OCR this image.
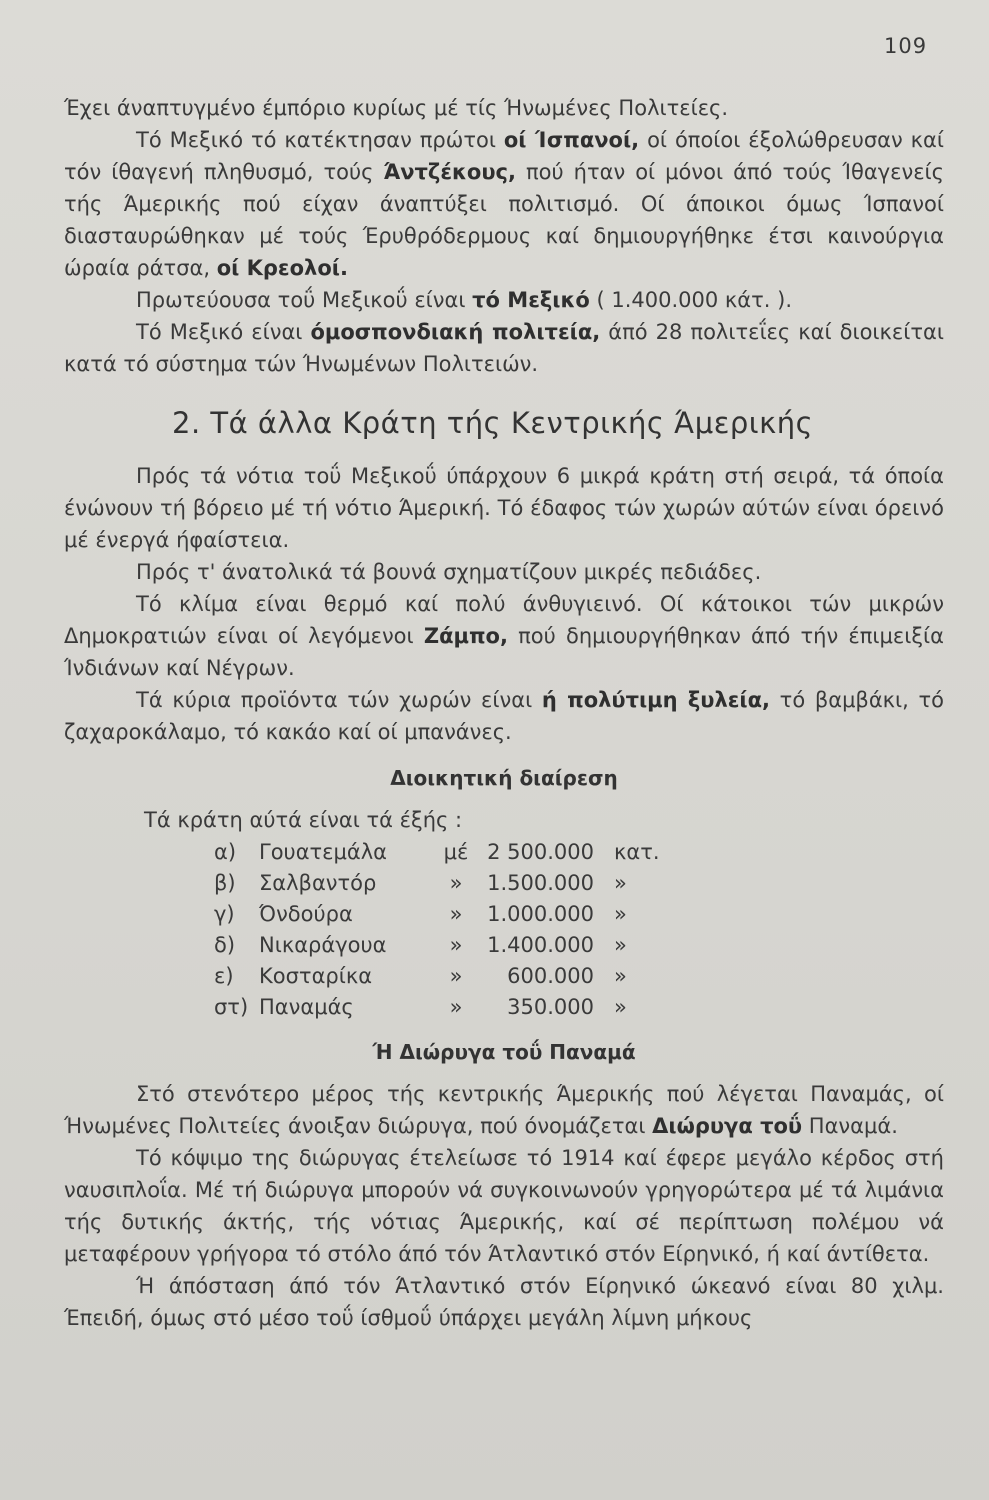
109

Έχει άναπτυγμένο έμπόριο κυρίως μέ τίς Ήνωμένες Πολιτείες.

Τό Μεξικό τό κατέκτησαν πρώτοι οί Ίσπανοί, οί όποίοι έξολώθρευσαν καί τόν ίθαγενή πληθυσμό, τούς Άντζέκους, πού ήταν οί μόνοι άπό τούς Ίθαγενείς τής Άμερικής πού είχαν άναπτύξει πολιτισμό. Οί άποικοι όμως Ίσπανοί διασταυρώθηκαν μέ τούς Έρυθρόδερμους καί δημιουργήθηκε έτσι καινούργια ώραία ράτσα, οί Κρεολοί.

Πρωτεύουσα τοΰ Μεξικοΰ είναι τό Μεξικό ( 1.400.000 κάτ. ).

Τό Μεξικό είναι όμοσπονδιακή πολιτεία, άπό 28 πολιτεΐες καί διοικείται κατά τό σύστημα τών Ήνωμένων Πολιτειών.

2. Τά άλλα Κράτη τής Κεντρικής Άμερικής

Πρός τά νότια τοΰ Μεξικοΰ ύπάρχουν 6 μικρά κράτη στή σειρά, τά όποία ένώνουν τή βόρειο μέ τή νότιο Άμερική. Τό έδαφος τών χωρών αύτών είναι όρεινό μέ ένεργά ήφαίστεια.

Πρός τ' άνατολικά τά βουνά σχηματίζουν μικρές πεδιάδες.

Τό κλίμα είναι θερμό καί πολύ άνθυγιεινό. Οί κάτοικοι τών μικρών Δημοκρατιών είναι οί λεγόμενοι Ζάμπο, πού δημιουργήθηκαν άπό τήν έπιμειξία Ίνδιάνων καί Νέγρων.

Τά κύρια προϊόντα τών χωρών είναι ή πολύτιμη ξυλεία, τό βαμβάκι, τό ζαχαροκάλαμο, τό κακάο καί οί μπανάνες.

Διοικητική διαίρεση
Τά κράτη αύτά είναι τά έξής :
α)	Γουατεμάλα	μέ	2 500.000	κατ.
β)	Σαλβαντόρ	»	1.500.000	»
γ)	Όνδούρα	»	1.000.000	»
δ)	Νικαράγουα	»	1.400.000	»
ε)	Κοσταρίκα	»	600.000	»
στ)	Παναμάς	»	350.000	»
Ή Διώρυγα τοΰ Παναμά

Στό στενότερο μέρος τής κεντρικής Άμερικής πού λέγεται Παναμάς, οί Ήνωμένες Πολιτείες άνοιξαν διώρυγα, πού όνομάζεται Διώρυγα τοΰ Παναμά.

Τό κόψιμο της διώρυγας έτελείωσε τό 1914 καί έφερε μεγάλο κέρδος στή ναυσιπλοΐα. Μέ τή διώρυγα μπορούν νά συγκοινωνούν γρηγορώτερα μέ τά λιμάνια τής δυτικής άκτής, τής νότιας Άμερικής, καί σέ περίπτωση πολέμου νά μεταφέρουν γρήγορα τό στόλο άπό τόν Άτλαντικό στόν Είρηνικό, ή καί άντίθετα.

Ή άπόσταση άπό τόν Άτλαντικό στόν Είρηνικό ώκεανό είναι 80 χιλμ. Έπειδή, όμως στό μέσο τοΰ ίσθμοΰ ύπάρχει μεγάλη λίμνη μήκους
